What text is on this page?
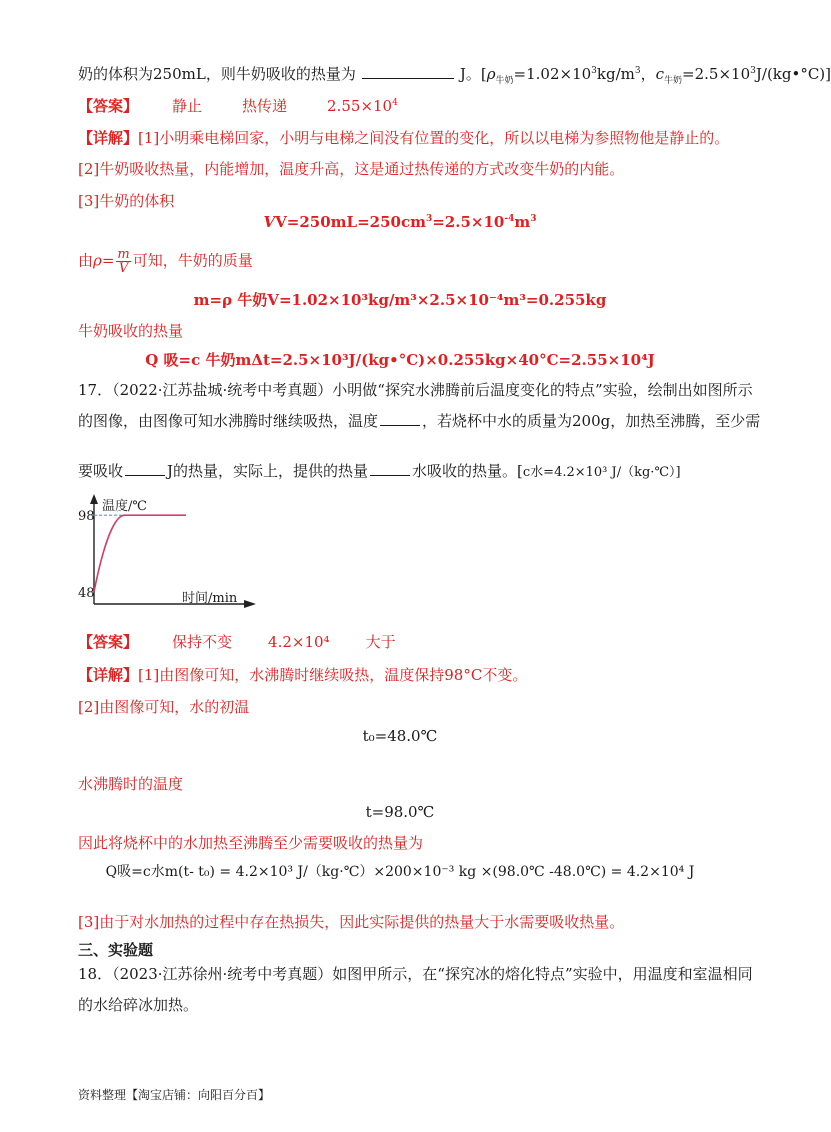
奶的体积为250mL，则牛奶吸收的热量为	J。[$\rho_{牛奶}=1.02\times 10^3kg/m^3$，$c_{牛奶}=2.5\times 10^3J/(kg•^\circ C)$]
【答案】 静止	热传递	$2.55\times 10^4$
【详解】[1]小明乘电梯回家，小明与电梯之间没有位置的变化，所以以电梯为参照物他是静止的。
[2]牛奶吸收热量，内能增加，温度升高，这是通过热传递的方式改变牛奶的内能。
[3]牛奶的体积
$VV=250mL=250cm^3=2.5\times 10^{-4}m^3$
由$\rho= \frac{m}{V}$ 可知，牛奶的质量
m=ρ 牛奶V=1.02×10³kg/m³×2.5×10⁻⁴m³=0.255kg
牛奶吸收的热量
Q 吸=c 牛奶mΔt=2.5×10³J/(kg•°C)×0.255kg×40°C=2.55×10⁴J
17．（2022·江苏盐城·统考中考真题）小明做“探究水沸腾前后温度变化的特点”实验，绘制出如图所示
的图像，由图像可知水沸腾时继续吸热，温度	，若烧杯中水的质量为200g，加热至沸腾，至少需
要吸收	J的热量，实际上，提供的热量	水吸收的热量。[c水=4.2×10³ J/（kg·℃）]
98
48
温度/℃
时间/min
【答案】 保持不变 4.2×10⁴ 大于
【详解】[1]由图像可知，水沸腾时继续吸热，温度保持98°C不变。
[2]由图像可知，水的初温
t₀=48.0℃
水沸腾时的温度
t=98.0℃
因此将烧杯中的水加热至沸腾至少需要吸收的热量为
Q吸=c水m(t- t₀) = 4.2×10³ J/（kg·℃）×200×10⁻³ kg ×(98.0℃ -48.0℃) = 4.2×10⁴ J
[3]由于对水加热的过程中存在热损失，因此实际提供的热量大于水需要吸收热量。
三、实验题
18．（2023·江苏徐州·统考中考真题）如图甲所示，在“探究冰的熔化特点”实验中，用温度和室温相同
的水给碎冰加热。
资料整理【淘宝店铺：向阳百分百】
